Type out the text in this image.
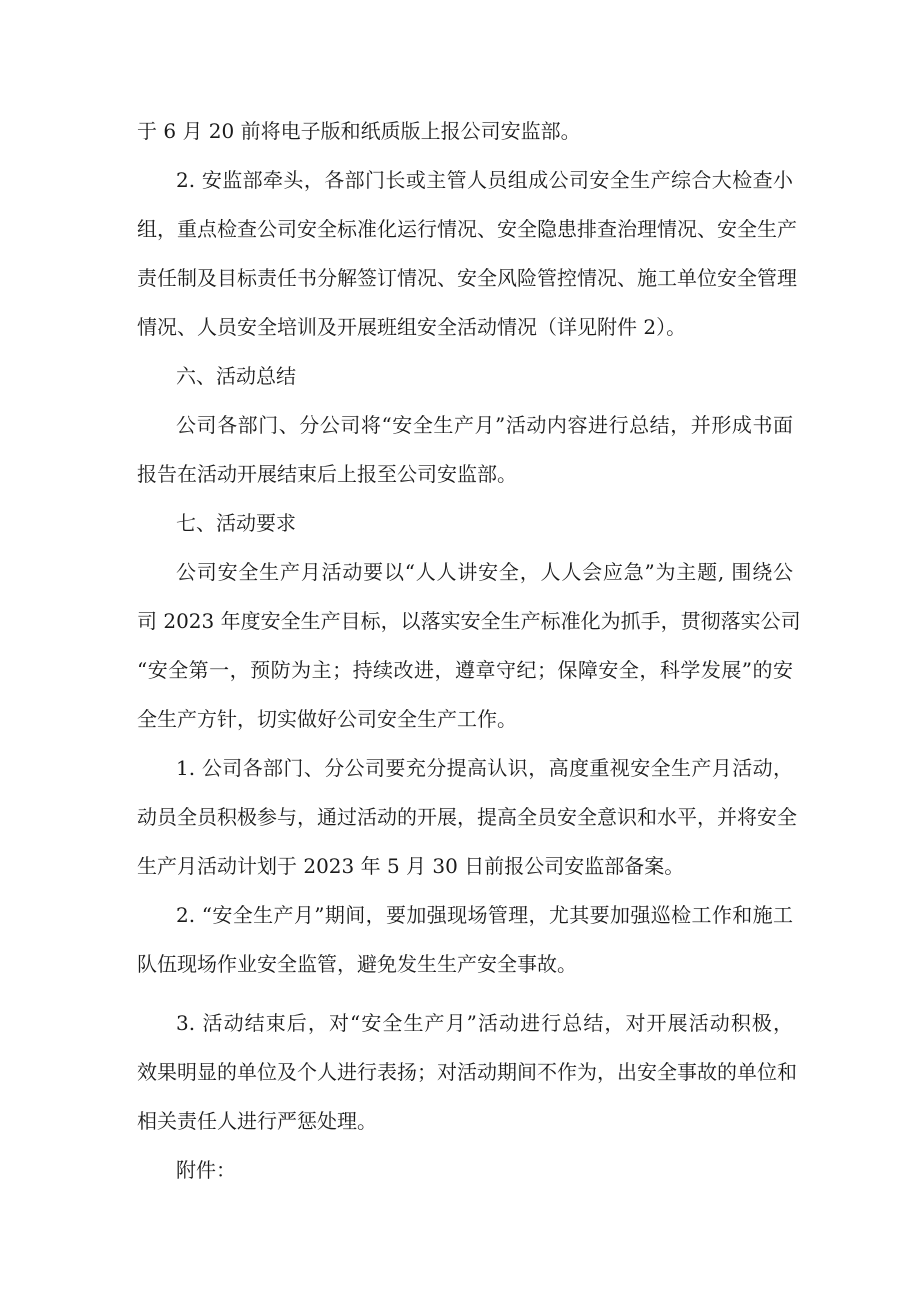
于 6 月 20 前将电子版和纸质版上报公司安监部。
2. 安监部牵头，各部门长或主管人员组成公司安全生产综合大检查小
组，重点检查公司安全标准化运行情况、安全隐患排查治理情况、安全生产
责任制及目标责任书分解签订情况、安全风险管控情况、施工单位安全管理
情况、人员安全培训及开展班组安全活动情况（详见附件 2）。
六、活动总结
公司各部门、分公司将“安全生产月”活动内容进行总结，并形成书面
报告在活动开展结束后上报至公司安监部。
七、活动要求
公司安全生产月活动要以“人人讲安全，人人会应急”为主题, 围绕公
司 2023 年度安全生产目标，以落实安全生产标准化为抓手，贯彻落实公司
“安全第一，预防为主；持续改进，遵章守纪；保障安全，科学发展”的安
全生产方针，切实做好公司安全生产工作。
1. 公司各部门、分公司要充分提高认识，高度重视安全生产月活动，
动员全员积极参与，通过活动的开展，提高全员安全意识和水平，并将安全
生产月活动计划于 2023 年 5 月 30 日前报公司安监部备案。
2. “安全生产月”期间，要加强现场管理，尤其要加强巡检工作和施工
队伍现场作业安全监管，避免发生生产安全事故。
3. 活动结束后，对“安全生产月”活动进行总结，对开展活动积极，
效果明显的单位及个人进行表扬；对活动期间不作为，出安全事故的单位和
相关责任人进行严惩处理。
附件：
